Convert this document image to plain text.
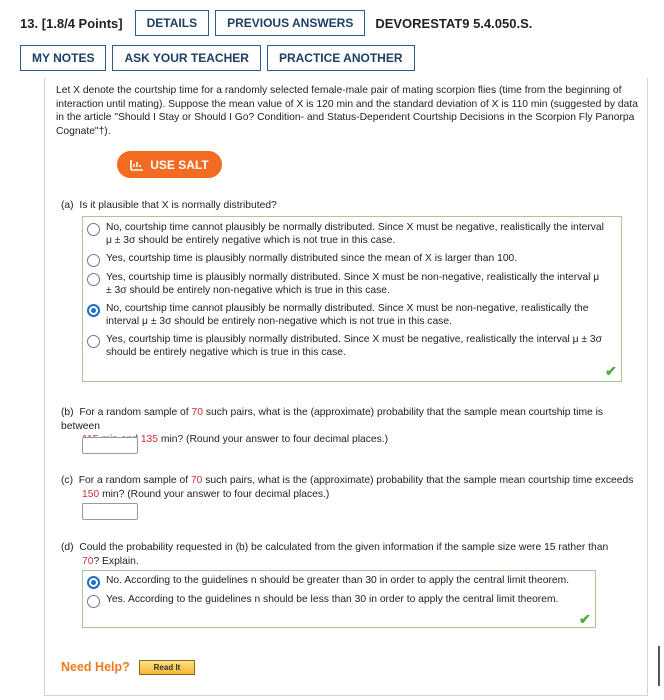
13. [1.8/4 Points]	DETAILS	PREVIOUS ANSWERS	DEVORESTAT9 5.4.050.S.
MY NOTES	ASK YOUR TEACHER	PRACTICE ANOTHER
Let X denote the courtship time for a randomly selected female-male pair of mating scorpion flies (time from the beginning of interaction until mating). Suppose the mean value of X is 120 min and the standard deviation of X is 110 min (suggested by data in the article "Should I Stay or Should I Go? Condition- and Status-Dependent Courtship Decisions in the Scorpion Fly Panorpa Cognate"†).
USE SALT
(a) Is it plausible that X is normally distributed?
No, courtship time cannot plausibly be normally distributed. Since X must be negative, realistically the interval μ ± 3σ should be entirely negative which is not true in this case.
Yes, courtship time is plausibly normally distributed since the mean of X is larger than 100.
Yes, courtship time is plausibly normally distributed. Since X must be non-negative, realistically the interval μ ± 3σ should be entirely non-negative which is true in this case.
No, courtship time cannot plausibly be normally distributed. Since X must be non-negative, realistically the interval μ ± 3σ should be entirely non-negative which is not true in this case.
Yes, courtship time is plausibly normally distributed. Since X must be negative, realistically the interval μ ± 3σ should be entirely negative which is true in this case.
✔
(b) For a random sample of 70 such pairs, what is the (approximate) probability that the sample mean courtship time is between
135 min? (Round your answer to four decimal places.)
(c) For a random sample of 70 such pairs, what is the (approximate) probability that the sample mean courtship time exceeds
150 min? (Round your answer to four decimal places.)
(d) Could the probability requested in (b) be calculated from the given information if the sample size were 15 rather than
70? Explain.
No. According to the guidelines n should be greater than 30 in order to apply the central limit theorem.
Yes. According to the guidelines n should be less than 30 in order to apply the central limit theorem.
✔
Need Help?	Read It
